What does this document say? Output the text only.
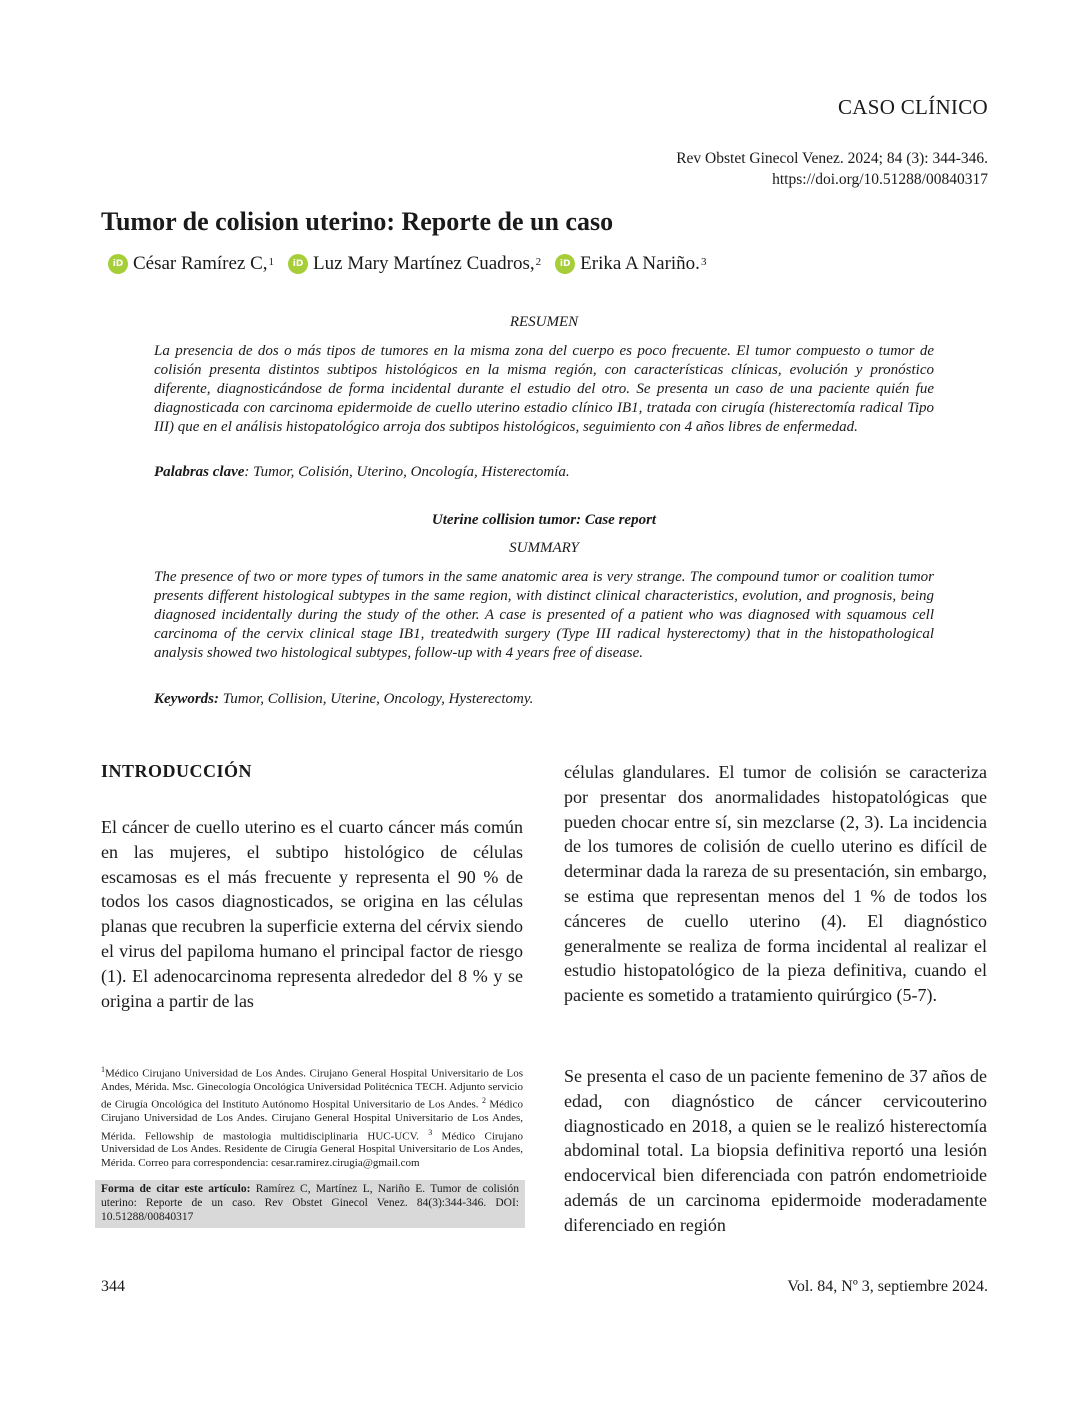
CASO CLÍNICO
Rev Obstet Ginecol Venez. 2024; 84 (3): 344-346.
https://doi.org/10.51288/00840317
Tumor de colision uterino: Reporte de un caso
iD César Ramírez C,$^1$	iD Luz Mary Martínez Cuadros,$^2$	iD Erika A Nariño.$^3$
RESUMEN
La presencia de dos o más tipos de tumores en la misma zona del cuerpo es poco frecuente. El tumor compuesto o tumor de colisión presenta distintos subtipos histológicos en la misma región, con características clínicas, evolución y pronóstico diferente, diagnosticándose de forma incidental durante el estudio del otro. Se presenta un caso de una paciente quién fue diagnosticada con carcinoma epidermoide de cuello uterino estadio clínico IB1, tratada con cirugía (histerectomía radical Tipo III) que en el análisis histopatológico arroja dos subtipos histológicos, seguimiento con 4 años libres de enfermedad.
Palabras clave: Tumor, Colisión, Uterino, Oncología, Histerectomía.
Uterine collision tumor: Case report
SUMMARY
The presence of two or more types of tumors in the same anatomic area is very strange. The compound tumor or coalition tumor presents different histological subtypes in the same region, with distinct clinical characteristics, evolution, and prognosis, being diagnosed incidentally during the study of the other. A case is presented of a patient who was diagnosed with squamous cell carcinoma of the cervix clinical stage IB1, treatedwith surgery (Type III radical hysterectomy) that in the histopathological analysis showed two histological subtypes, follow-up with 4 years free of disease.
Keywords: Tumor, Collision, Uterine, Oncology, Hysterectomy.
INTRODUCCIÓN

El cáncer de cuello uterino es el cuarto cáncer más común en las mujeres, el subtipo histológico de células escamosas es el más frecuente y representa el 90 % de todos los casos diagnosticados, se origina en las células planas que recubren la superficie externa del cérvix siendo el virus del papiloma humano el principal factor de riesgo (1). El adenocarcinoma representa alrededor del 8 % y se origina a partir de las

células glandulares. El tumor de colisión se caracteriza por presentar dos anormalidades histopatológicas que pueden chocar entre sí, sin mezclarse (2, 3). La incidencia de los tumores de colisión de cuello uterino es difícil de determinar dada la rareza de su presentación, sin embargo, se estima que representan menos del 1 % de todos los cánceres de cuello uterino (4). El diagnóstico generalmente se realiza de forma incidental al realizar el estudio histopatológico de la pieza definitiva, cuando el paciente es sometido a tratamiento quirúrgico (5-7).

Se presenta el caso de un paciente femenino de 37 años de edad, con diagnóstico de cáncer cervicouterino diagnosticado en 2018, a quien se le realizó histerectomía abdominal total. La biopsia definitiva reportó una lesión endocervical bien diferenciada con patrón endometrioide además de un carcinoma epidermoide moderadamente diferenciado en región

$^1$Médico Cirujano Universidad de Los Andes. Cirujano General Hospital Universitario de Los Andes, Mérida. Msc. Ginecología Oncológica Universidad Politécnica TECH. Adjunto servicio de Cirugía Oncológica del Instituto Autónomo Hospital Universitario de Los Andes. $^2$ Médico Cirujano Universidad de Los Andes. Cirujano General Hospital Universitario de Los Andes, Mérida. Fellowship de mastologia multidisciplinaria HUC-UCV. $^3$ Médico Cirujano Universidad de Los Andes. Residente de Cirugía General Hospital Universitario de Los Andes, Mérida. Correo para correspondencia: cesar.ramirez.cirugia@gmail.com
Forma de citar este artículo: Ramírez C, Martínez L, Nariño E. Tumor de colisión uterino: Reporte de un caso. Rev Obstet Ginecol Venez. 84(3):344-346. DOI: 10.51288/00840317
344	Vol. 84, Nº 3, septiembre 2024.
